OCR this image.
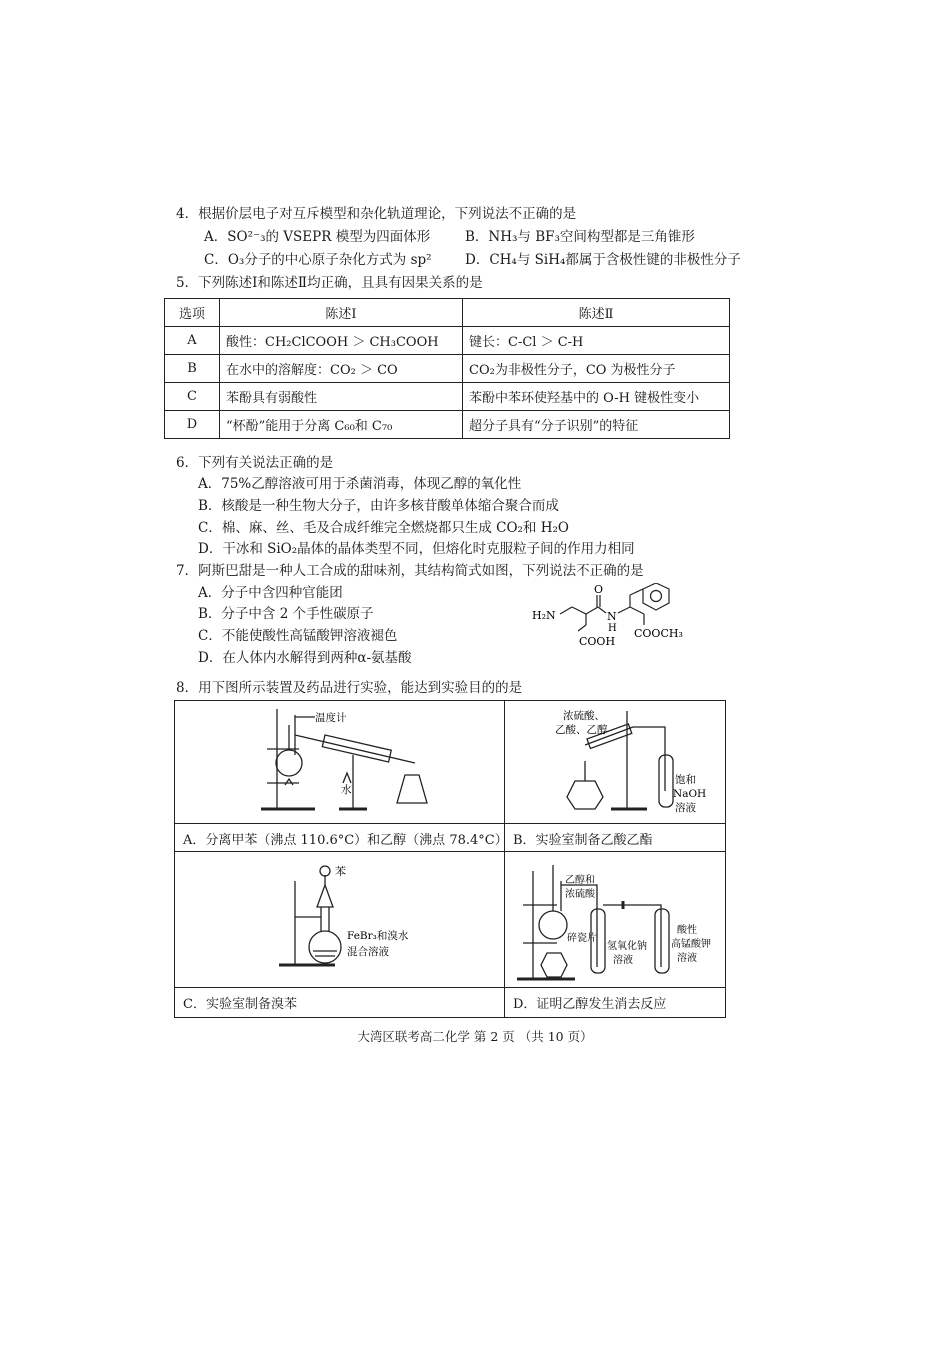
4．根据价层电子对互斥模型和杂化轨道理论，下列说法不正确的是
A．SO²⁻₃的 VSEPR 模型为四面体形	B．NH₃与 BF₃空间构型都是三角锥形
C．O₃分子的中心原子杂化方式为 sp² D．CH₄与 SiH₄都属于含极性键的非极性分子
5．下列陈述Ⅰ和陈述Ⅱ均正确，且具有因果关系的是
选项	陈述Ⅰ	陈述Ⅱ
A	酸性：CH₂ClCOOH ＞ CH₃COOH	键长：C-Cl ＞ C-H
B	在水中的溶解度：CO₂ ＞ CO	CO₂为非极性分子，CO 为极性分子
C	苯酚具有弱酸性	苯酚中苯环使羟基中的 O-H 键极性变小
D	“杯酚”能用于分离 C₆₀和 C₇₀	超分子具有“分子识别”的特征
6．下列有关说法正确的是
A．75%乙醇溶液可用于杀菌消毒，体现乙醇的氧化性
B．核酸是一种生物大分子，由许多核苷酸单体缩合聚合而成
C．棉、麻、丝、毛及合成纤维完全燃烧都只生成 CO₂和 H₂O
D．干冰和 SiO₂晶体的晶体类型不同，但熔化时克服粒子间的作用力相同
7．阿斯巴甜是一种人工合成的甜味剂，其结构简式如图，下列说法不正确的是
A．分子中含四种官能团
B．分子中含 2 个手性碳原子
C．不能使酸性高锰酸钾溶液褪色
D．在人体内水解得到两种α-氨基酸
H₂N
O
N
H
COOH
COOCH₃
8．用下图所示装置及药品进行实验，能达到实验目的的是
温度计
水
A．分离甲苯（沸点 110.6°C）和乙醇（沸点 78.4°C）
浓硫酸、
乙酸、乙醇
饱和
NaOH
溶液
B．实验室制备乙酸乙酯
苯
FeBr₃和溴水
混合溶液
C．实验室制备溴苯
乙醇和
浓硫酸
碎瓷片
氢氧化钠
溶液
酸性
高锰酸钾
溶液
D．证明乙醇发生消去反应
大湾区联考高二化学 第 2 页 （共 10 页）
